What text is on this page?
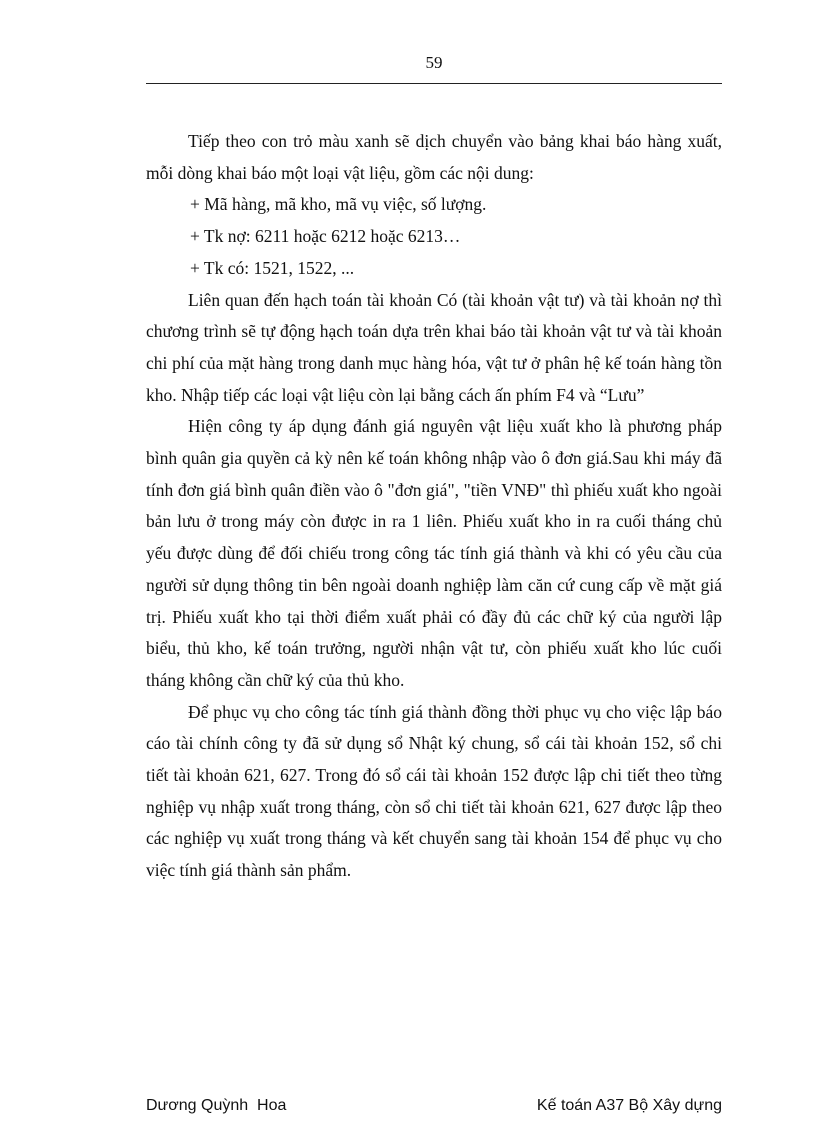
59

Tiếp theo con trỏ màu xanh sẽ dịch chuyển vào bảng khai báo hàng xuất, mỗi dòng khai báo một loại vật liệu, gồm các nội dung:

+ Mã hàng, mã kho, mã vụ việc, số lượng.

+ Tk nợ: 6211 hoặc 6212 hoặc 6213…

+ Tk có: 1521, 1522, ...

Liên quan đến hạch toán tài khoản Có (tài khoản vật tư) và tài khoản nợ thì chương trình sẽ tự động hạch toán dựa trên khai báo tài khoản vật tư và tài khoản chi phí của mặt hàng trong danh mục hàng hóa, vật tư ở phân hệ kế toán hàng tồn kho. Nhập tiếp các loại vật liệu còn lại bằng cách ấn phím F4 và “Lưu”

Hiện công ty áp dụng đánh giá nguyên vật liệu xuất kho là phương pháp bình quân gia quyền cả kỳ nên kế toán không nhập vào ô đơn giá.Sau khi máy đã tính đơn giá bình quân điền vào ô "đơn giá", "tiền VNĐ" thì phiếu xuất kho ngoài bản lưu ở trong máy còn được in ra 1 liên. Phiếu xuất kho in ra cuối tháng chủ yếu được dùng để đối chiếu trong công tác tính giá thành và khi có yêu cầu của người sử dụng thông tin bên ngoài doanh nghiệp làm căn cứ cung cấp về mặt giá trị. Phiếu xuất kho tại thời điểm xuất phải có đầy đủ các chữ ký của người lập biểu, thủ kho, kế toán trưởng, người nhận vật tư, còn phiếu xuất kho lúc cuối tháng không cần chữ ký của thủ kho.

Để phục vụ cho công tác tính giá thành đồng thời phục vụ cho việc lập báo cáo tài chính công ty đã sử dụng sổ Nhật ký chung, sổ cái tài khoản 152, sổ chi tiết tài khoản 621, 627. Trong đó sổ cái tài khoản 152 được lập chi tiết theo từng nghiệp vụ nhập xuất trong tháng, còn sổ chi tiết tài khoản 621, 627 được lập theo các nghiệp vụ xuất trong tháng và kết chuyển sang tài khoản 154 để phục vụ cho việc tính giá thành sản phẩm.

Dương Quỳnh  Hoa	Kế toán A37 Bộ Xây dựng
